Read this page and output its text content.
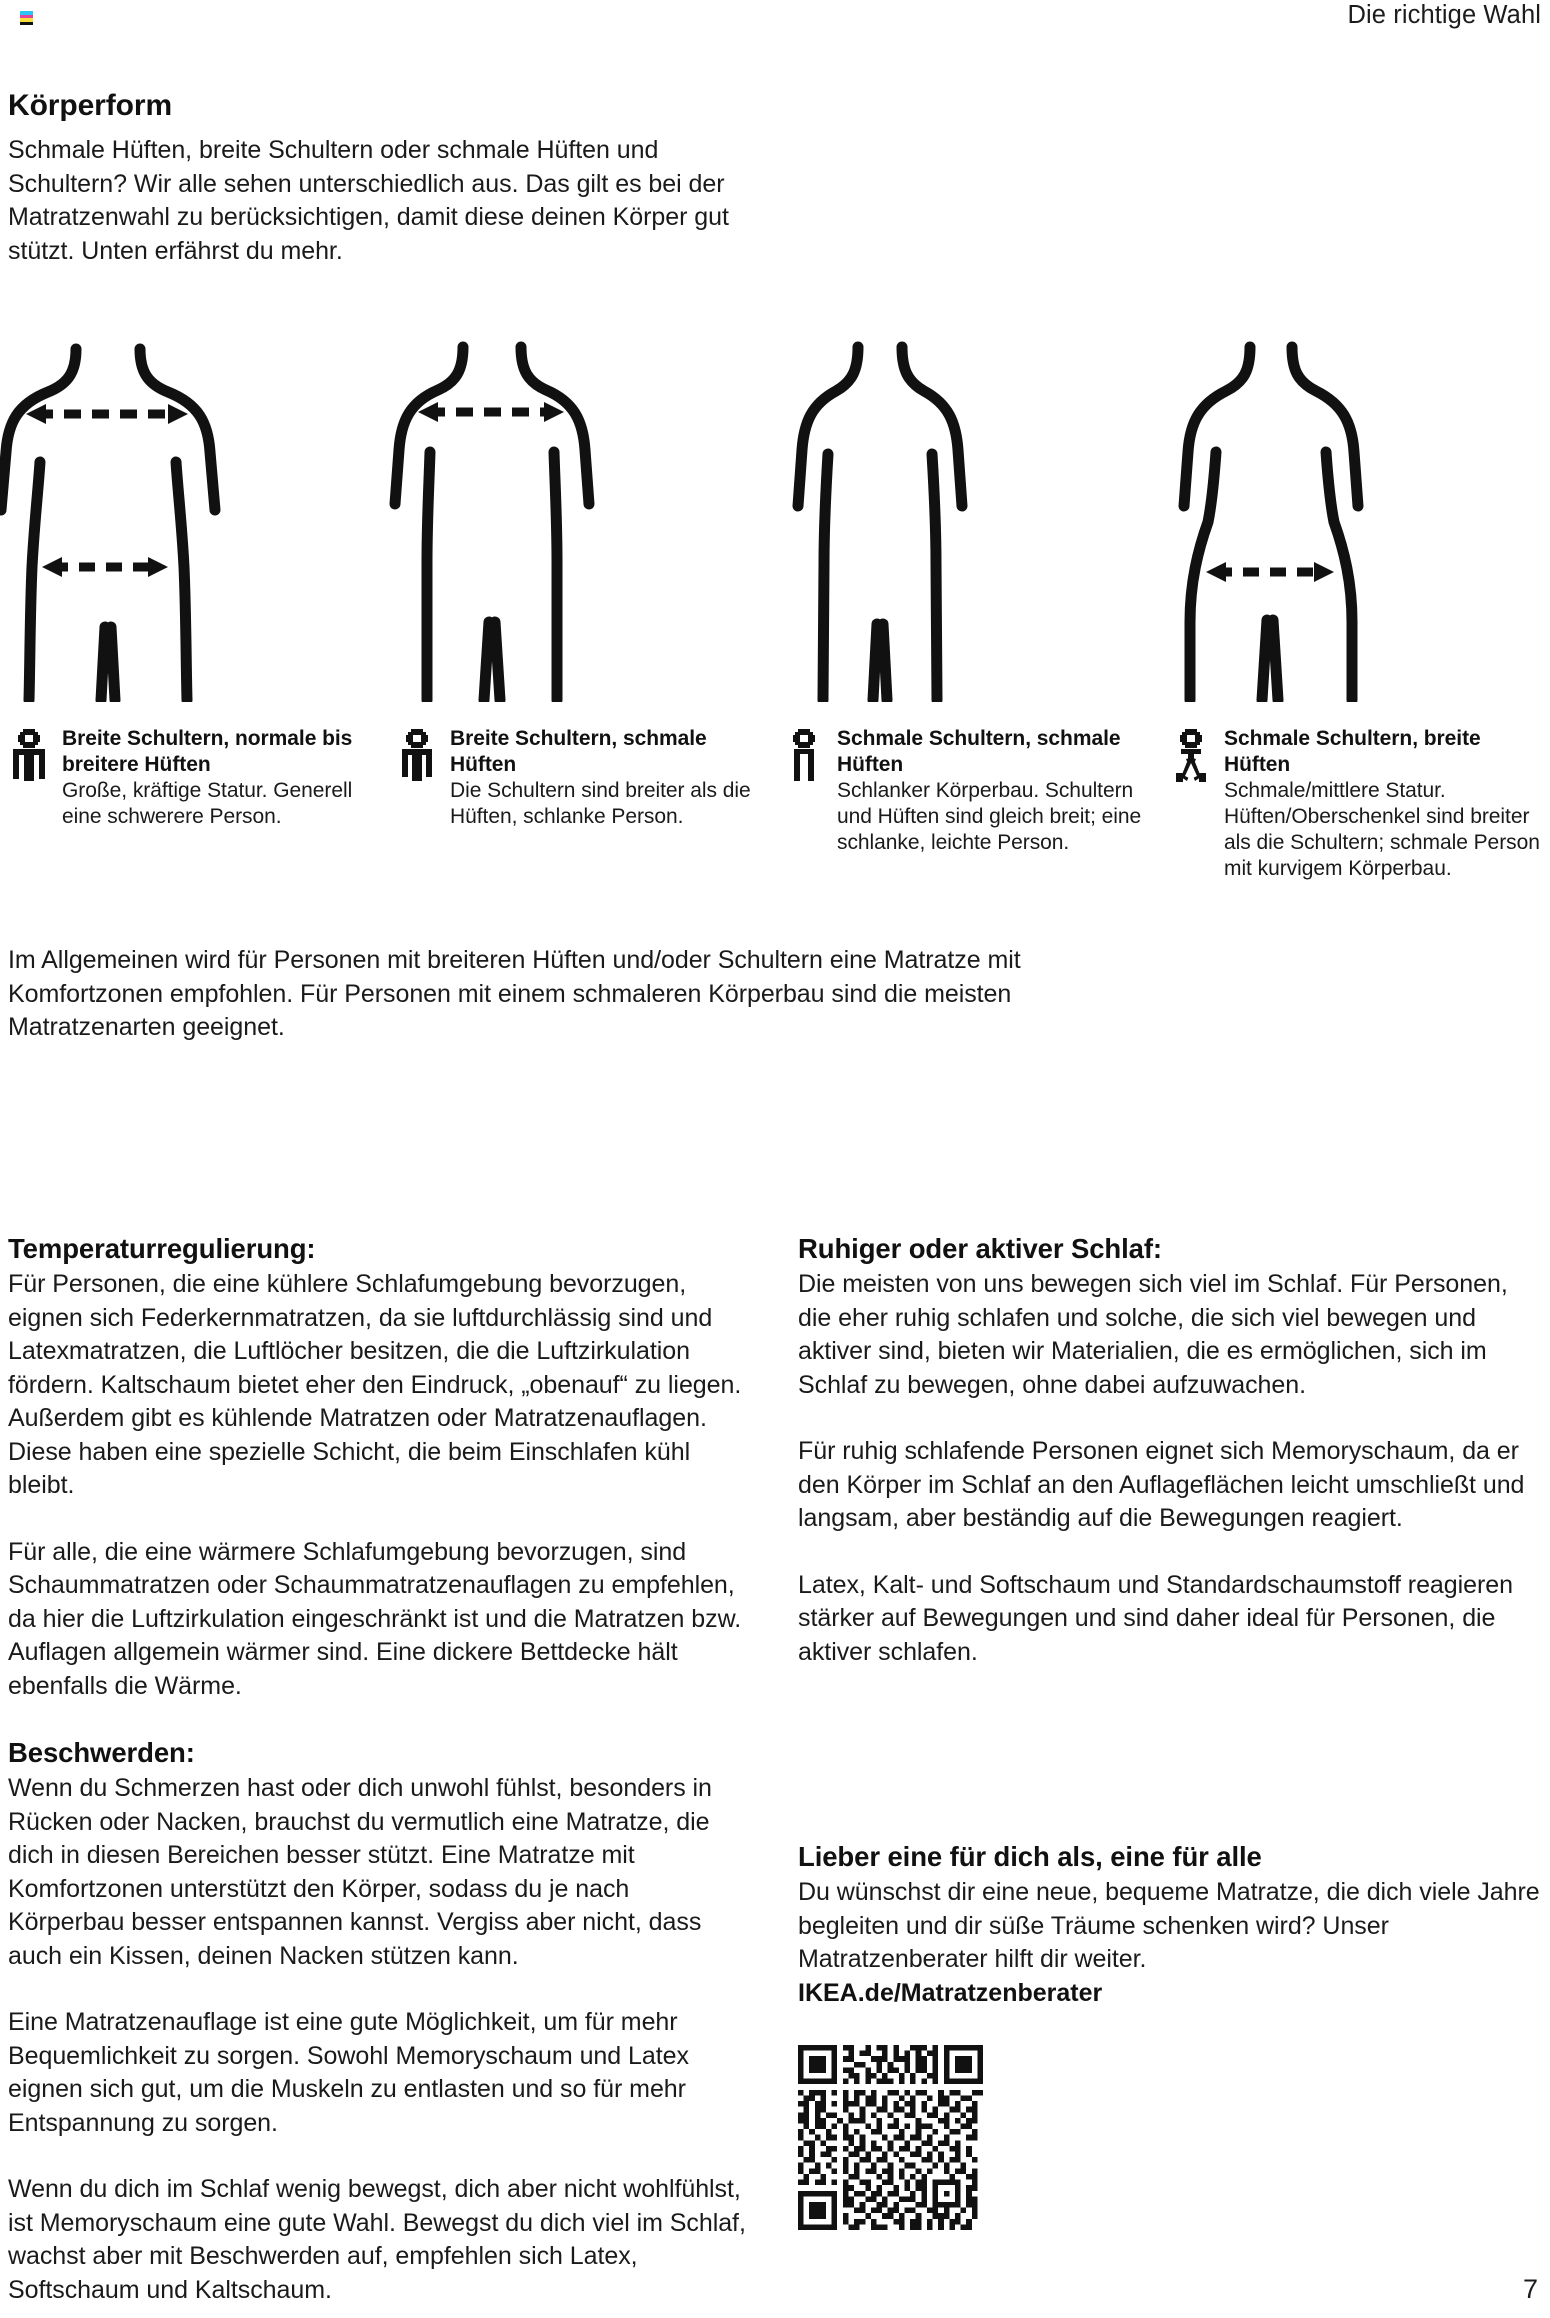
Die richtige Wahl
Körperform

Schmale Hüften, breite Schultern oder schmale Hüften und Schultern? Wir alle sehen unterschiedlich aus. Das gilt es bei der Matratzenwahl zu berücksichtigen, damit diese deinen Körper gut stützt. Unten erfährst du mehr.

Breite Schultern, normale bis breitere Hüften
Große, kräftige Statur. Generell eine schwerere Person.
Breite Schultern, schmale Hüften
Die Schultern sind breiter als die Hüften, schlanke Person.
Schmale Schultern, schmale Hüften
Schlanker Körperbau. Schultern und Hüften sind gleich breit; eine schlanke, leichte Person.
Schmale Schultern, breite Hüften
Schmale/mittlere Statur. Hüften/Oberschenkel sind breiter als die Schultern; schmale Person mit kurvigem Körperbau.

Im Allgemeinen wird für Personen mit breiteren Hüften und/oder Schultern eine Matratze mit Komfortzonen empfohlen. Für Personen mit einem schmaleren Körperbau sind die meisten Matratzenarten geeignet.

Temperaturregulierung:

Für Personen, die eine kühlere Schlafumgebung bevorzugen, eignen sich Federkernmatratzen, da sie luftdurchlässig sind und Latexmatratzen, die Luftlöcher besitzen, die die Luftzirkulation fördern. Kaltschaum bietet eher den Eindruck, „obenauf“ zu liegen. Außerdem gibt es kühlende Matratzen oder Matratzenauflagen. Diese haben eine spezielle Schicht, die beim Einschlafen kühl bleibt.

Für alle, die eine wärmere Schlafumgebung bevorzugen, sind Schaummatratzen oder Schaummatratzenauflagen zu empfehlen, da hier die Luftzirkulation eingeschränkt ist und die Matratzen bzw. Auflagen allgemein wärmer sind. Eine dickere Bettdecke hält ebenfalls die Wärme.

Beschwerden:

Wenn du Schmerzen hast oder dich unwohl fühlst, besonders in Rücken oder Nacken, brauchst du vermutlich eine Matratze, die dich in diesen Bereichen besser stützt. Eine Matratze mit Komfortzonen unterstützt den Körper, sodass du je nach Körperbau besser entspannen kannst. Vergiss aber nicht, dass auch ein Kissen, deinen Nacken stützen kann.

Eine Matratzenauflage ist eine gute Möglichkeit, um für mehr Bequemlichkeit zu sorgen. Sowohl Memoryschaum und Latex eignen sich gut, um die Muskeln zu entlasten und so für mehr Entspannung zu sorgen.

Wenn du dich im Schlaf wenig bewegst, dich aber nicht wohlfühlst, ist Memoryschaum eine gute Wahl. Bewegst du dich viel im Schlaf, wachst aber mit Beschwerden auf, empfehlen sich Latex, Softschaum und Kaltschaum.

Ruhiger oder aktiver Schlaf:

Die meisten von uns bewegen sich viel im Schlaf. Für Personen, die eher ruhig schlafen und solche, die sich viel bewegen und aktiver sind, bieten wir Materialien, die es ermöglichen, sich im Schlaf zu bewegen, ohne dabei aufzuwachen.

Für ruhig schlafende Personen eignet sich Memoryschaum, da er den Körper im Schlaf an den Auflageflächen leicht umschließt und langsam, aber beständig auf die Bewegungen reagiert.

Latex, Kalt- und Softschaum und Standardschaumstoff reagieren stärker auf Bewegungen und sind daher ideal für Personen, die aktiver schlafen.

Lieber eine für dich als, eine für alle

Du wünschst dir eine neue, bequeme Matratze, die dich viele Jahre begleiten und dir süße Träume schenken wird? Unser Matratzenberater hilft dir weiter.

IKEA.de/Matratzenberater
7
